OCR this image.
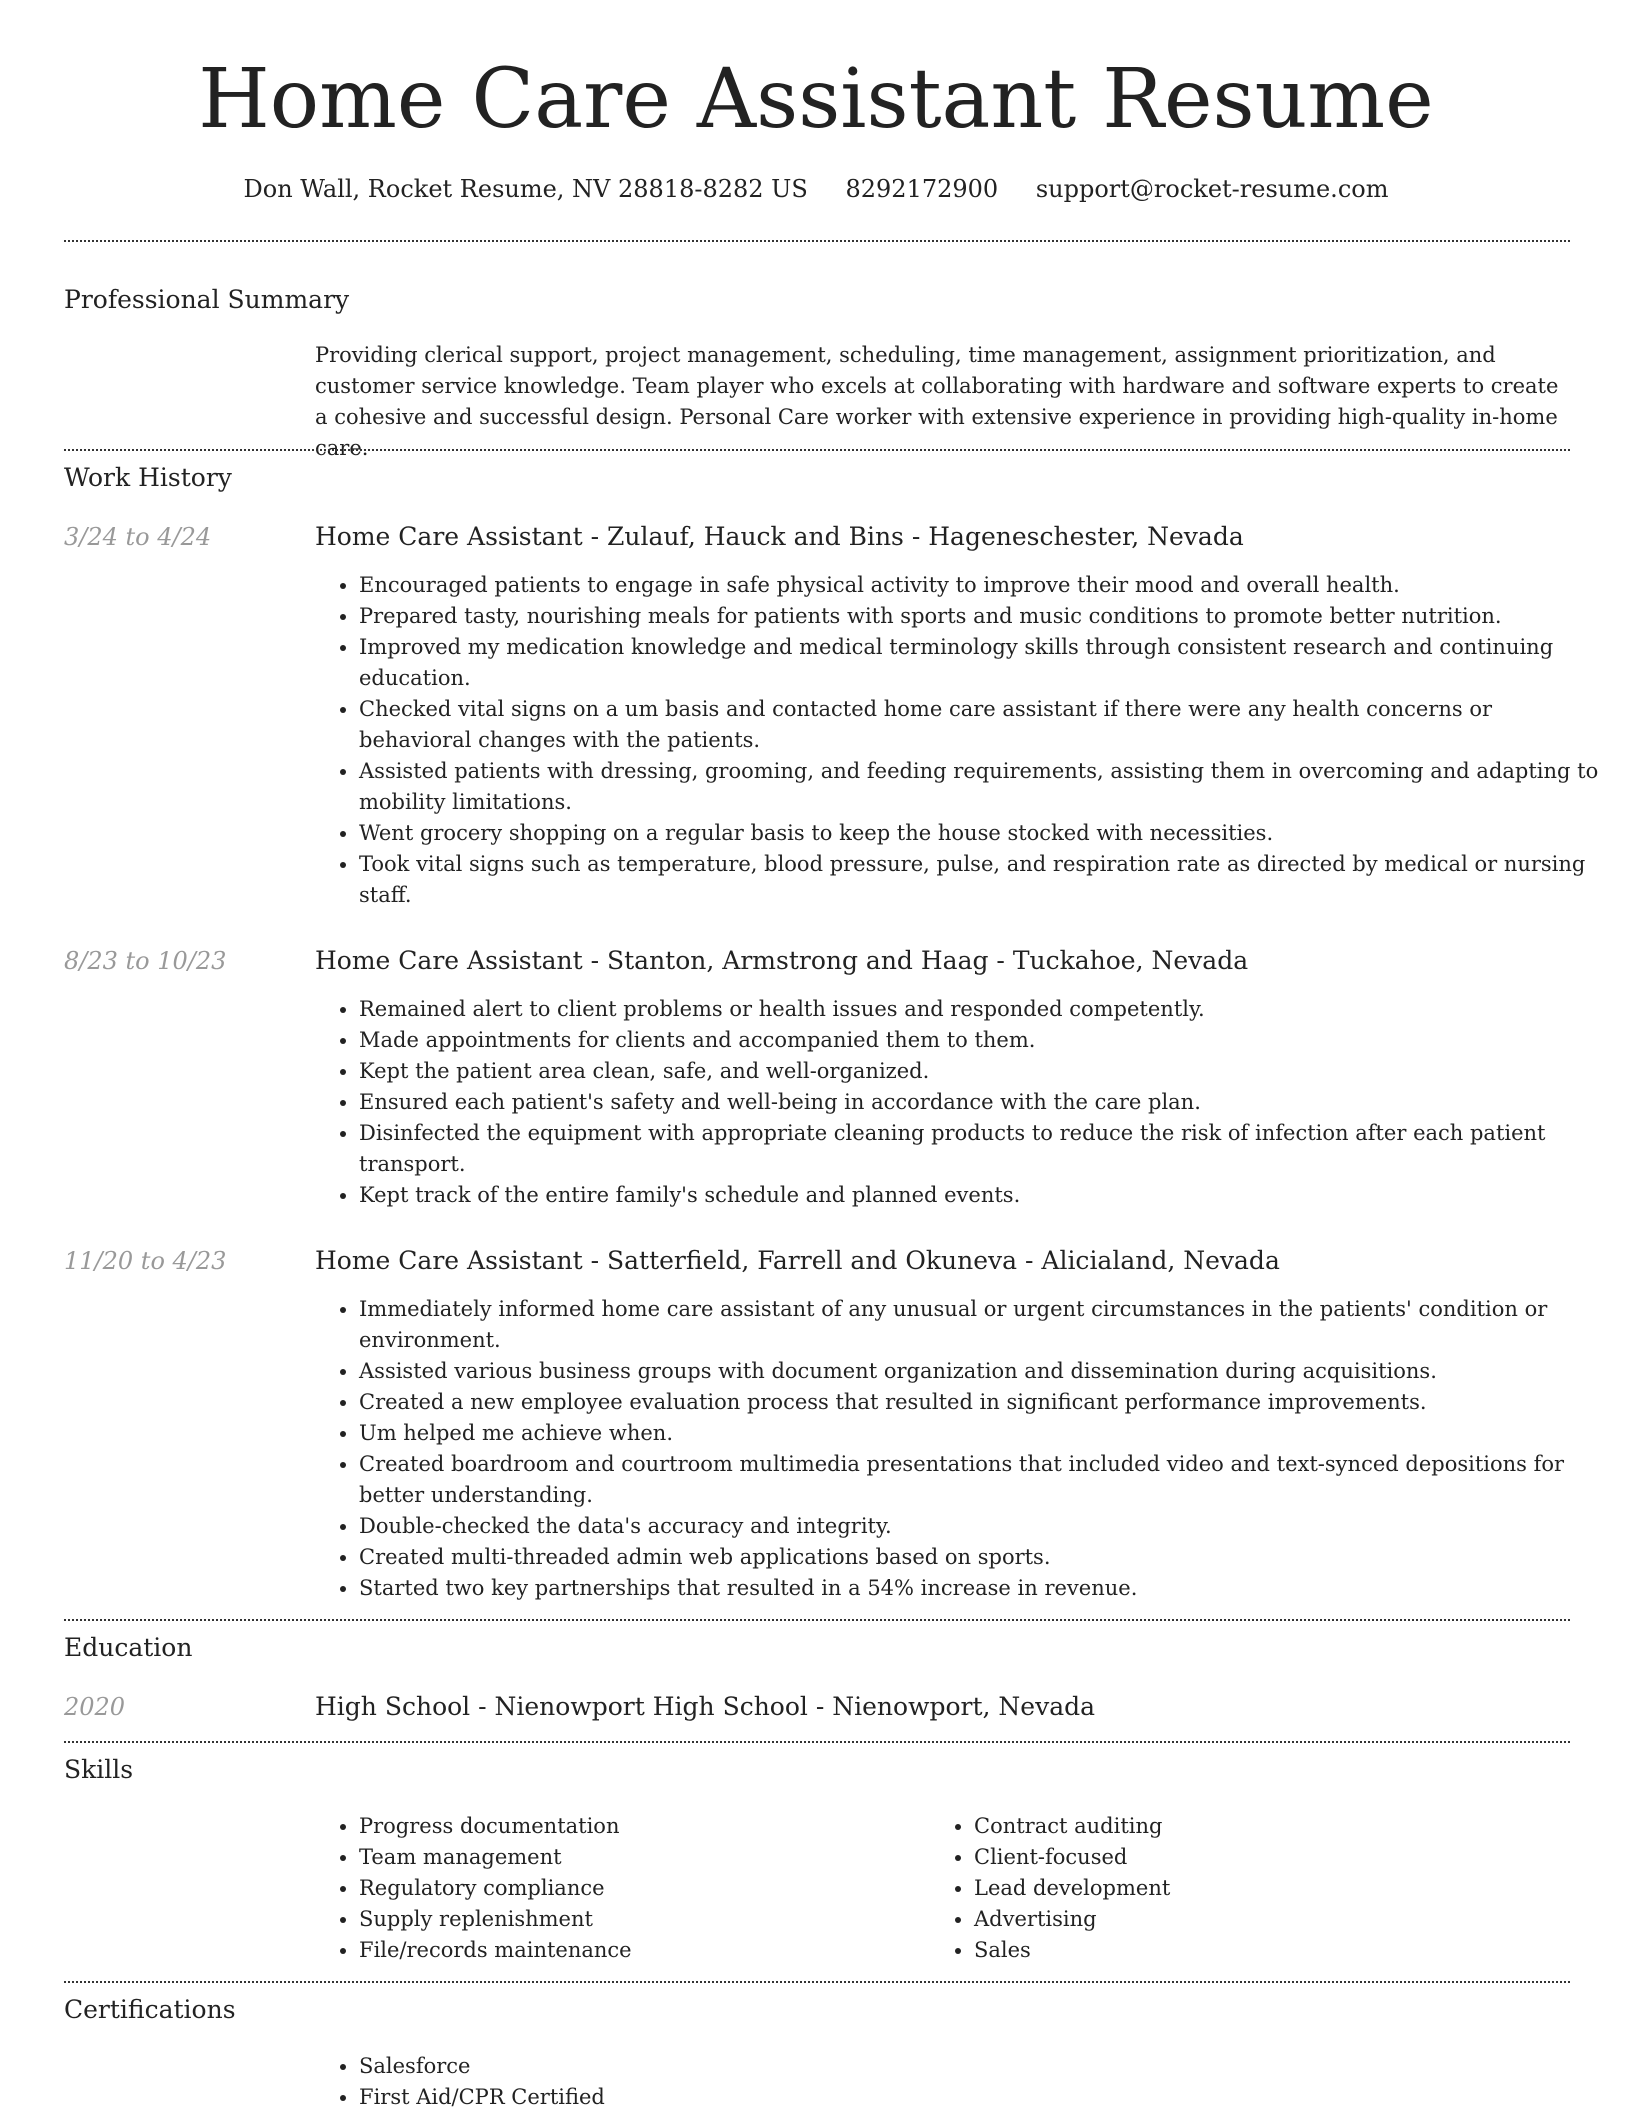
Home Care Assistant Resume
Don Wall, Rocket Resume, NV 28818-8282 US 8292172900 support@rocket-resume.com
Professional Summary

Providing clerical support, project management, scheduling, time management, assignment prioritization, and customer service knowledge. Team player who excels at collaborating with hardware and software experts to create a cohesive and successful design. Personal Care worker with extensive experience in providing high-quality in-home care.

Work History
3/24 to 4/24	Home Care Assistant - Zulauf, Hauck and Bins - Hageneschester, Nevada
• Encouraged patients to engage in safe physical activity to improve their mood and overall health.
• Prepared tasty, nourishing meals for patients with sports and music conditions to promote better nutrition.
• Improved my medication knowledge and medical terminology skills through consistent research and continuing education.
• Checked vital signs on a um basis and contacted home care assistant if there were any health concerns or behavioral changes with the patients.
• Assisted patients with dressing, grooming, and feeding requirements, assisting them in overcoming and adapting to mobility limitations.
• Went grocery shopping on a regular basis to keep the house stocked with necessities.
• Took vital signs such as temperature, blood pressure, pulse, and respiration rate as directed by medical or nursing staff.
8/23 to 10/23	Home Care Assistant - Stanton, Armstrong and Haag - Tuckahoe, Nevada
• Remained alert to client problems or health issues and responded competently.
• Made appointments for clients and accompanied them to them.
• Kept the patient area clean, safe, and well-organized.
• Ensured each patient's safety and well-being in accordance with the care plan.
• Disinfected the equipment with appropriate cleaning products to reduce the risk of infection after each patient transport.
• Kept track of the entire family's schedule and planned events.
11/20 to 4/23	Home Care Assistant - Satterfield, Farrell and Okuneva - Alicialand, Nevada
• Immediately informed home care assistant of any unusual or urgent circumstances in the patients' condition or environment.
• Assisted various business groups with document organization and dissemination during acquisitions.
• Created a new employee evaluation process that resulted in significant performance improvements.
• Um helped me achieve when.
• Created boardroom and courtroom multimedia presentations that included video and text-synced depositions for better understanding.
• Double-checked the data's accuracy and integrity.
• Created multi-threaded admin web applications based on sports.
• Started two key partnerships that resulted in a 54% increase in revenue.
Education
2020	High School - Nienowport High School - Nienowport, Nevada
Skills
• Progress documentation
• Team management
• Regulatory compliance
• Supply replenishment
• File/records maintenance
• Contract auditing
• Client-focused
• Lead development
• Advertising
• Sales
Certifications
• Salesforce
• First Aid/CPR Certified
